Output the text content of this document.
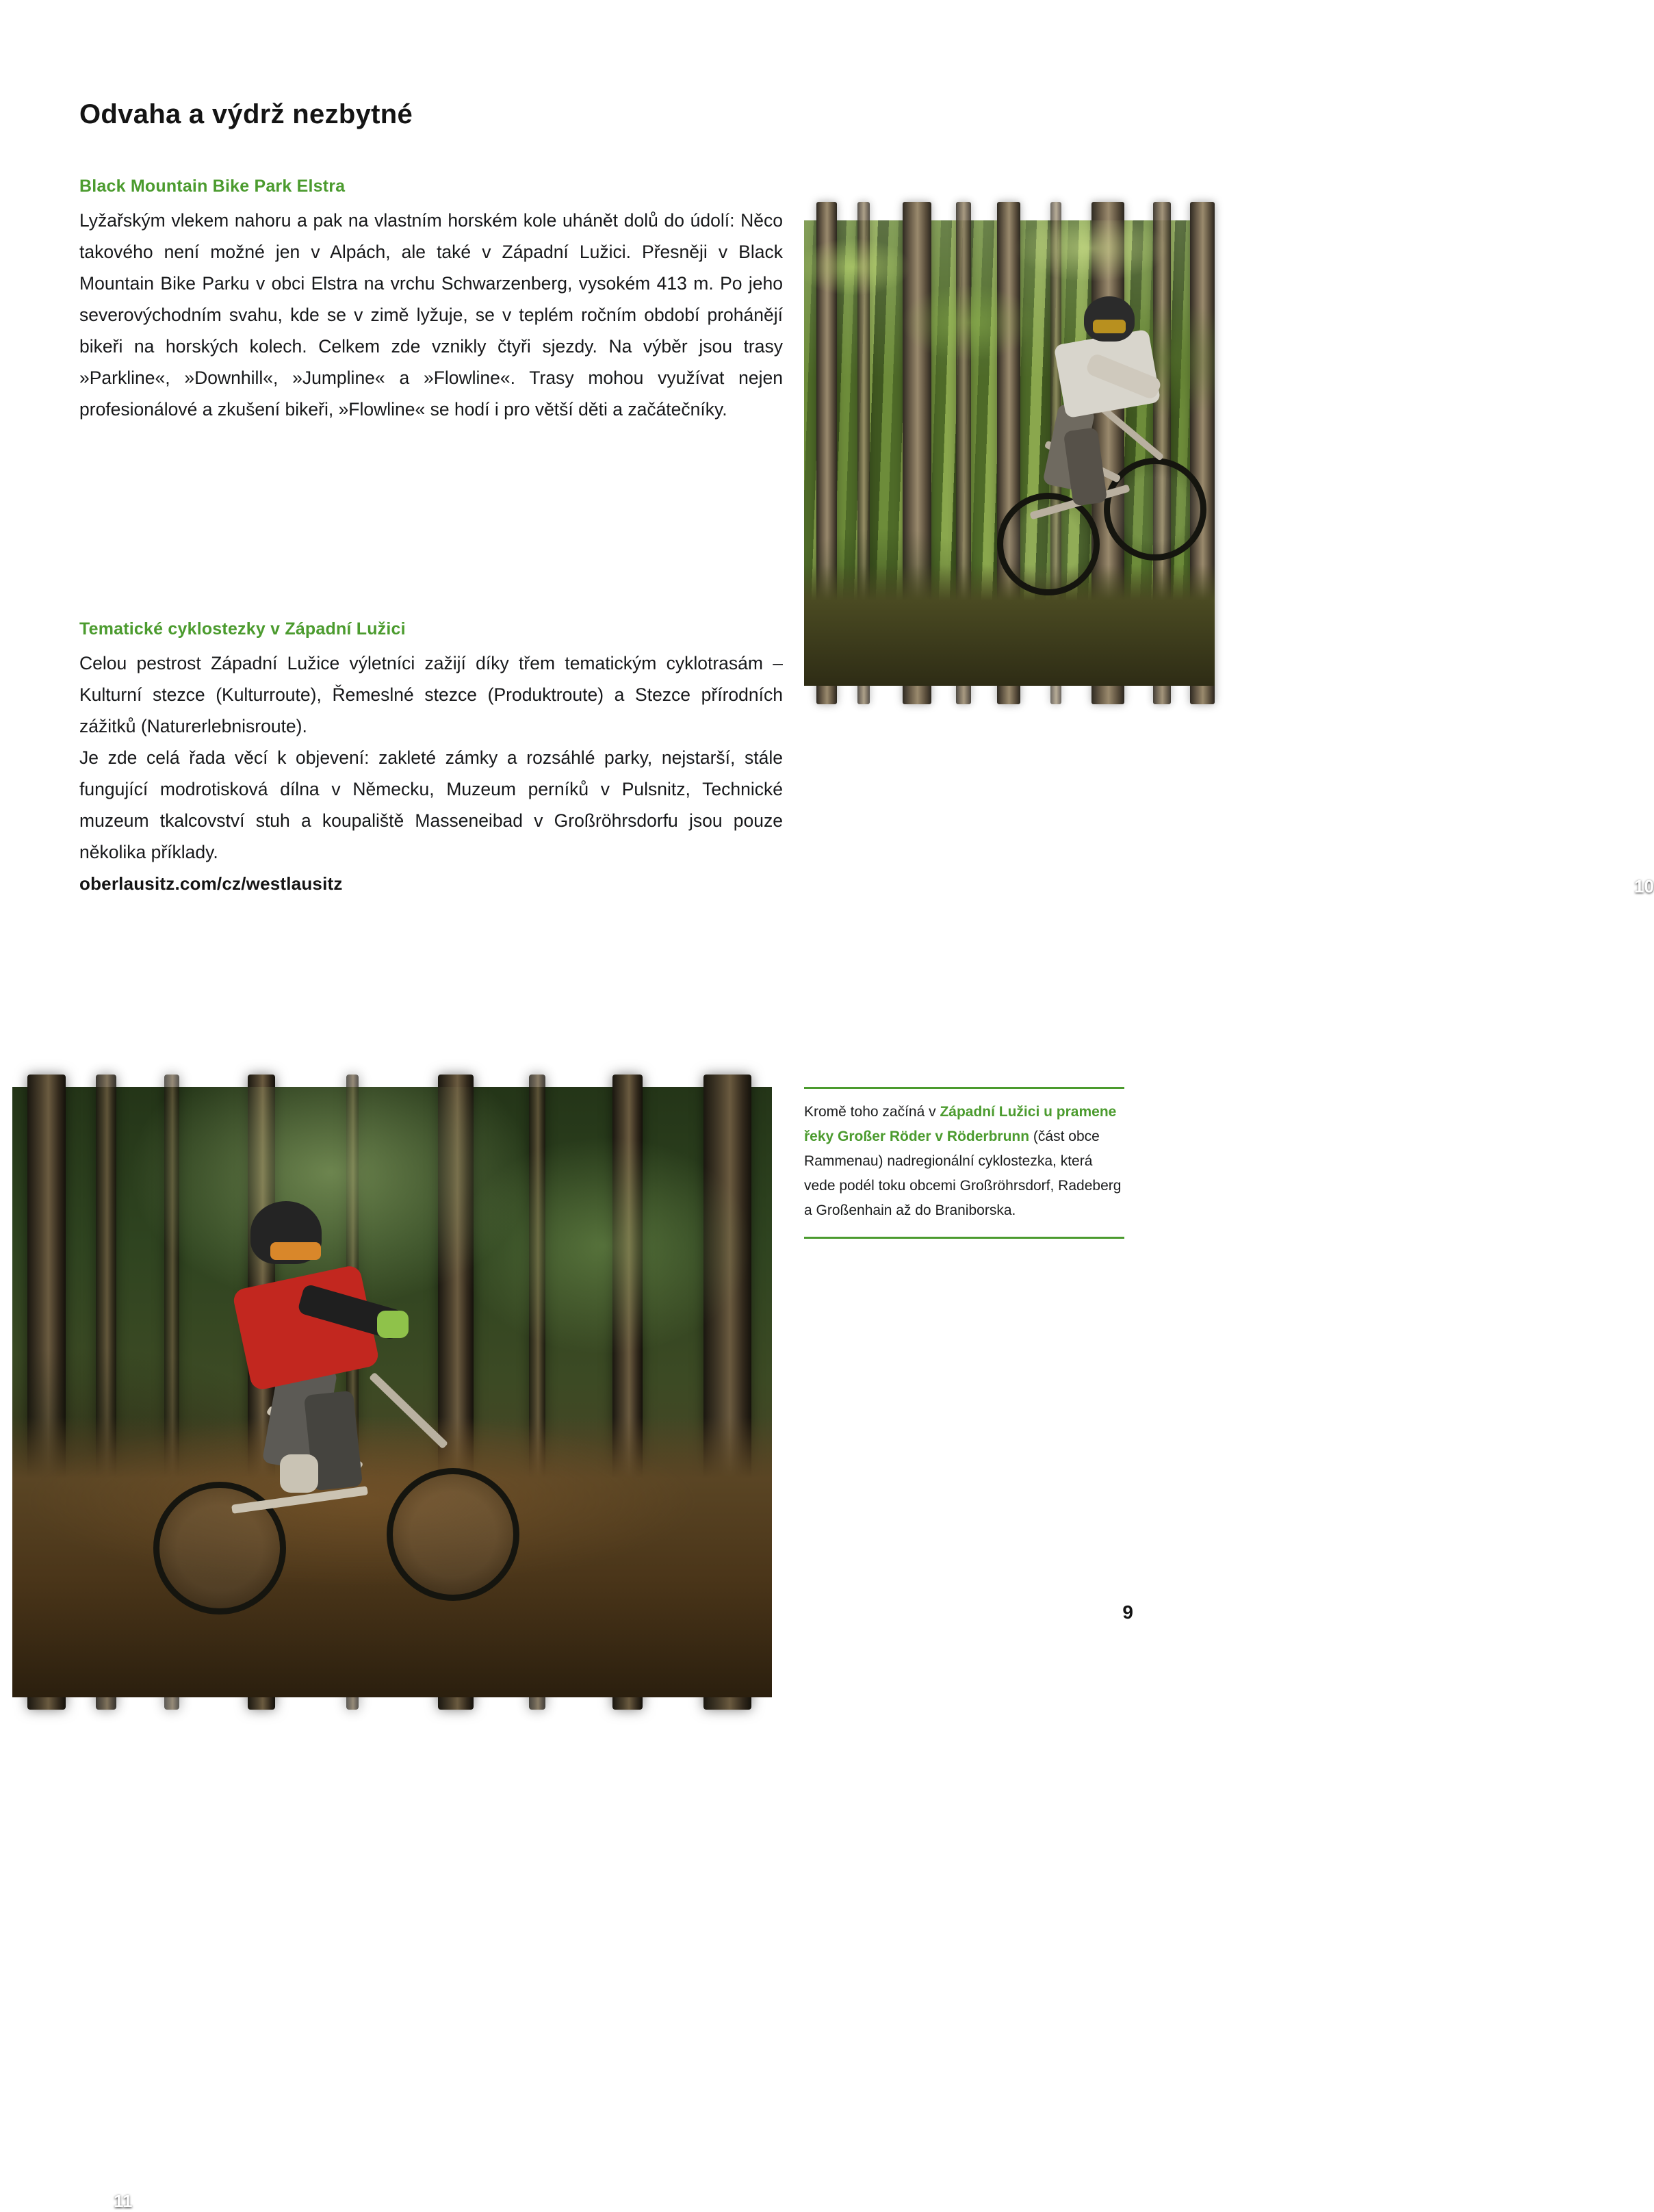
Odvaha a výdrž nezbytné
Black Mountain Bike Park Elstra

Lyžařským vlekem nahoru a pak na vlastním horském kole uhánět dolů do údolí: Něco takového není možné jen v Alpách, ale také v Západní Lužici. Přesněji v Black Mountain Bike Parku v obci Elstra na vrchu Schwarzenberg, vysokém 413 m. Po jeho severovýchodním svahu, kde se v zimě lyžuje, se v teplém ročním období prohánějí bikeři na horských kolech. Celkem zde vznikly čtyři sjezdy. Na výběr jsou trasy »Parkline«, »Downhill«, »Jumpline« a »Flowline«. Trasy mohou využívat nejen profesionálové a zkušení bikeři, »Flowline« se hodí i pro větší děti a začátečníky.

Tematické cyklostezky v Západní Lužici

Celou pestrost Západní Lužice výletníci zažijí díky třem tematickým cyklotrasám – Kulturní stezce (Kulturroute), Řemeslné stezce (Produktroute) a Stezce přírodních zážitků (Naturerlebnisroute).

Je zde celá řada věcí k objevení: zakleté zámky a rozsáhlé parky, nejstarší, stále fungující modrotisková dílna v Německu, Muzeum perníků v Pulsnitz, Technické muzeum tkalcovství stuh a koupaliště Masseneibad v Großröhrsdorfu jsou pouze několika příklady.

oberlausitz.com/cz/westlausitz	10
11

Kromě toho začíná v Západní Lužici u pramene řeky Großer Röder v Röderbrunn (část obce Rammenau) nadregionální cyklostezka, která vede podél toku obcemi Großröhrsdorf, Radeberg a Großenhain až do Braniborska.

9
